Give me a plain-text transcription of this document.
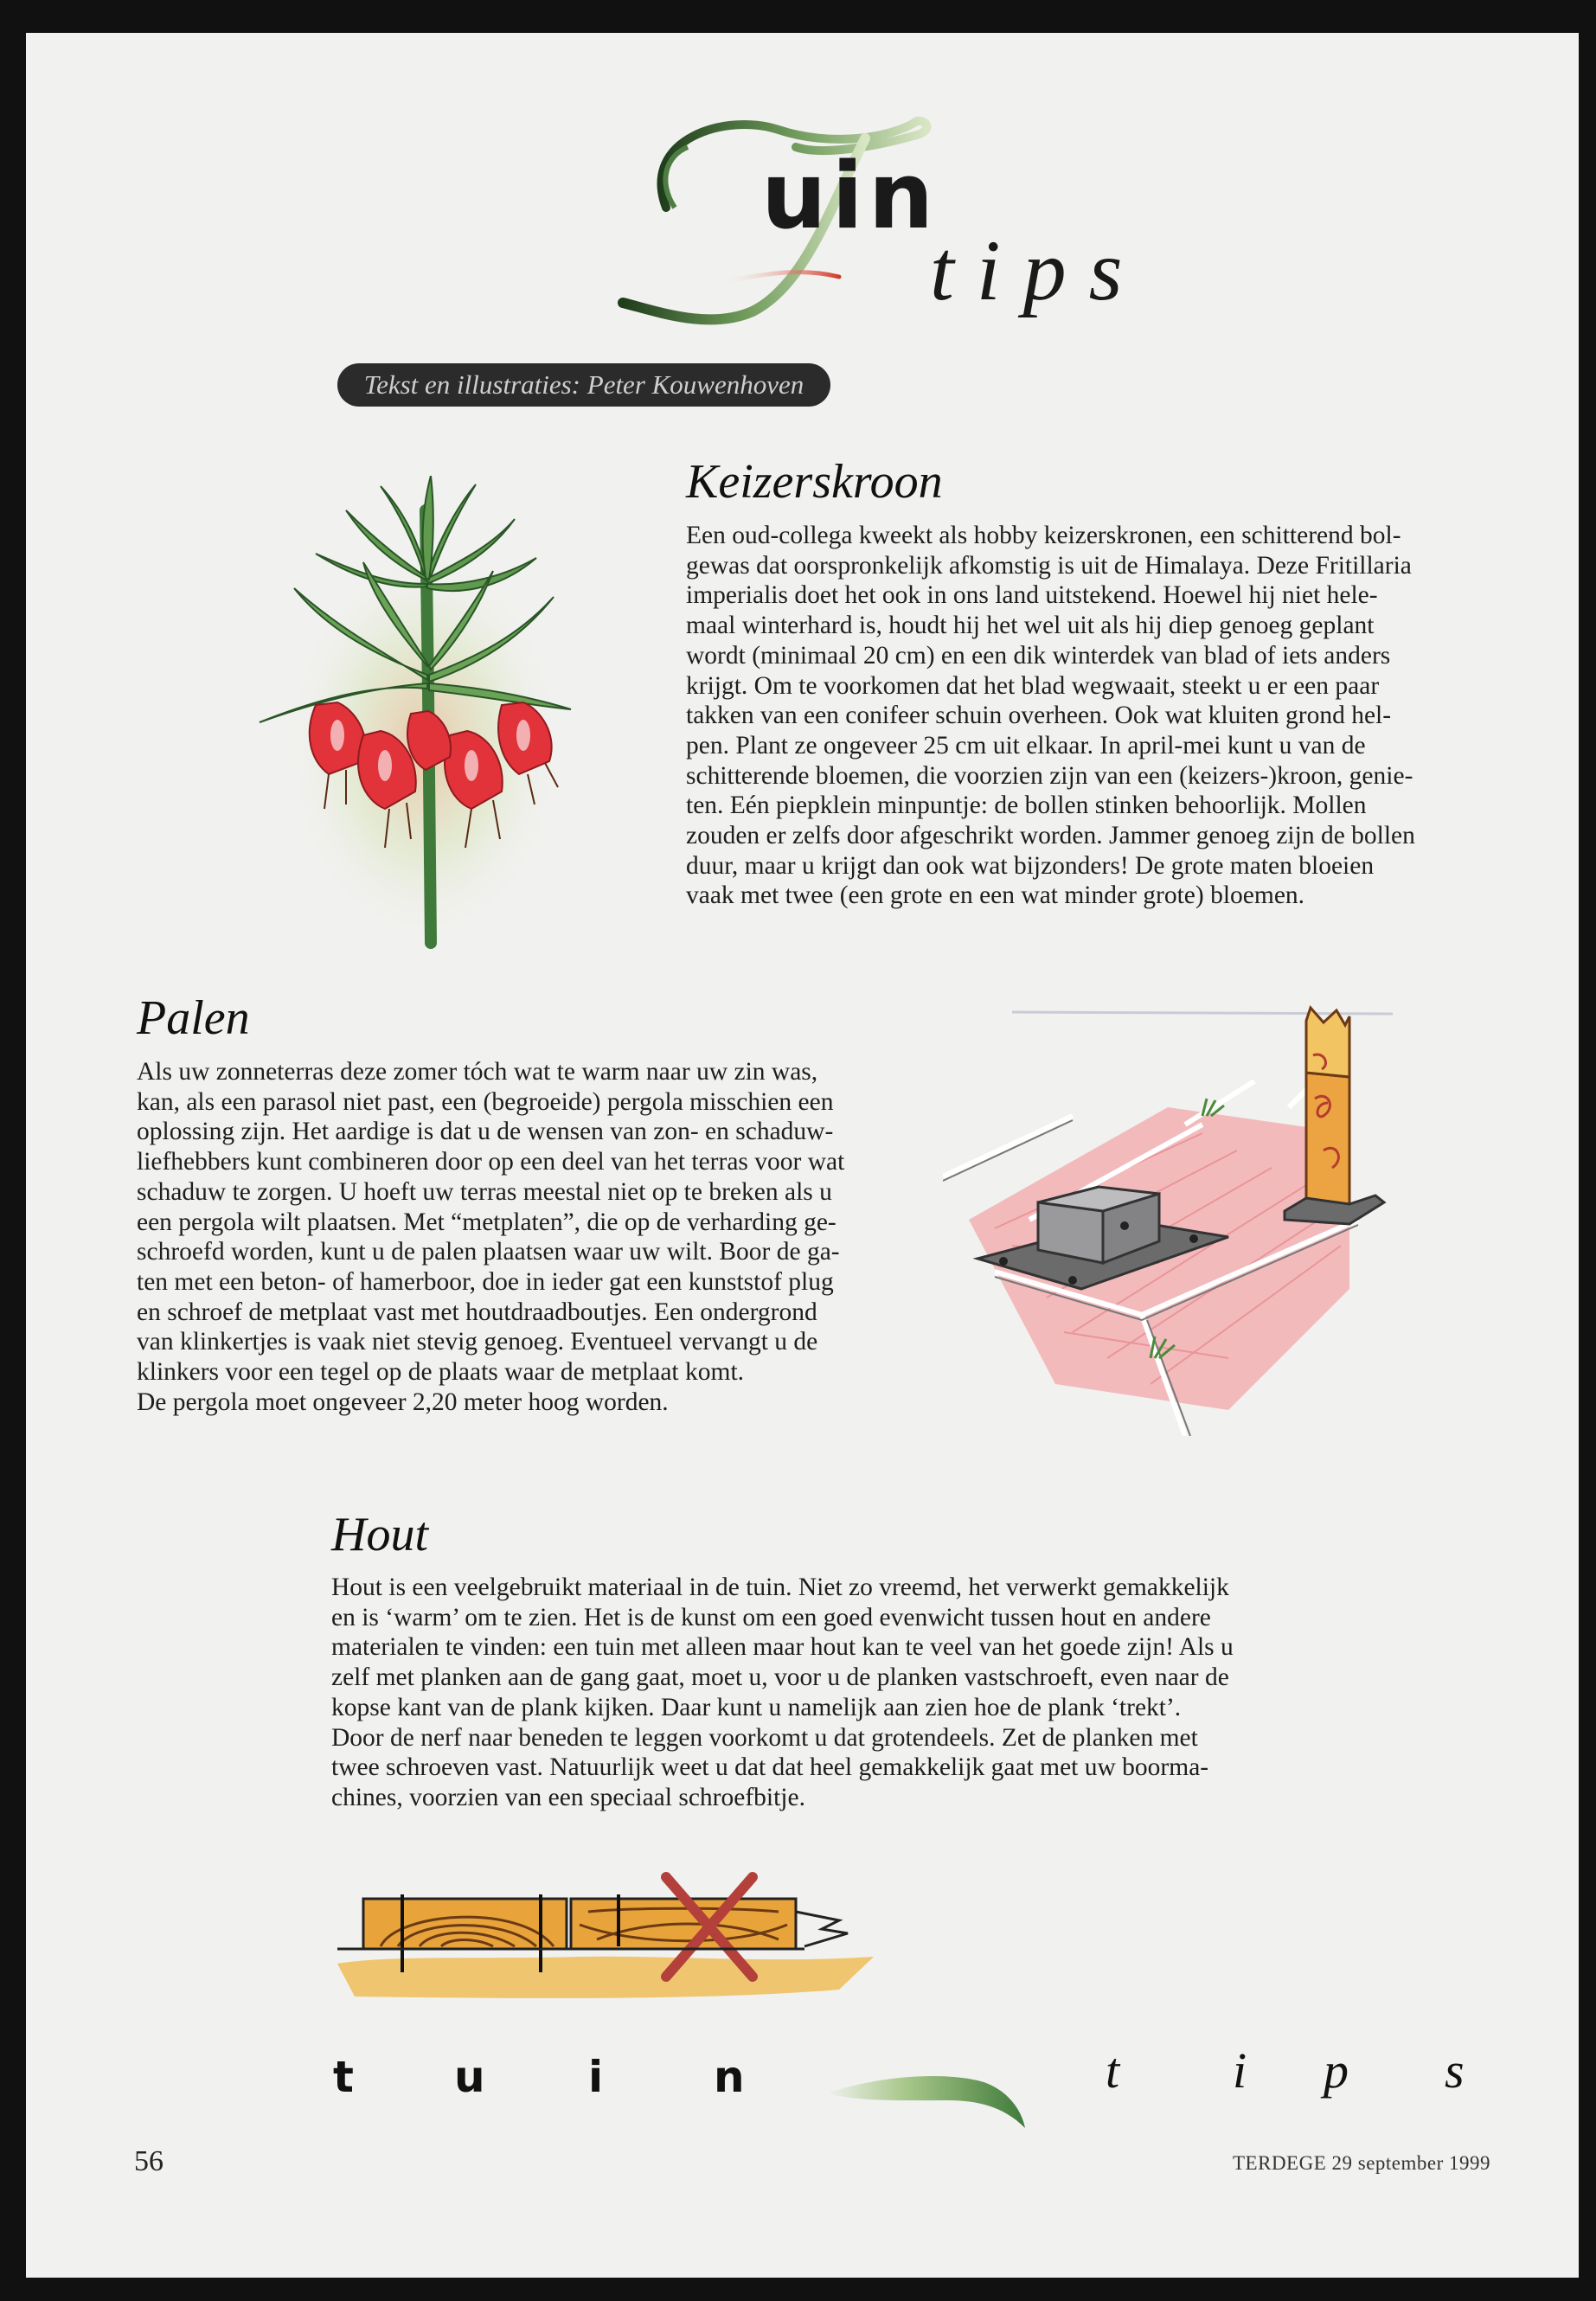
uin
tips
Tekst en illustraties: Peter Kouwenhoven
Keizerskroon
Een oud-collega kweekt als hobby keizerskronen, een schitterend bol-
gewas dat oorspronkelijk afkomstig is uit de Himalaya. Deze Fritillaria
imperialis doet het ook in ons land uitstekend. Hoewel hij niet hele-
maal winterhard is, houdt hij het wel uit als hij diep genoeg geplant
wordt (minimaal 20 cm) en een dik winterdek van blad of iets anders
krijgt. Om te voorkomen dat het blad wegwaait, steekt u er een paar
takken van een conifeer schuin overheen. Ook wat kluiten grond hel-
pen. Plant ze ongeveer 25 cm uit elkaar. In april-mei kunt u van de
schitterende bloemen, die voorzien zijn van een (keizers-)kroon, genie-
ten. Eén piepklein minpuntje: de bollen stinken behoorlijk. Mollen
zouden er zelfs door afgeschrikt worden. Jammer genoeg zijn de bollen
duur, maar u krijgt dan ook wat bijzonders! De grote maten bloeien
vaak met twee (een grote en een wat minder grote) bloemen.
Palen
Als uw zonneterras deze zomer tóch wat te warm naar uw zin was,
kan, als een parasol niet past, een (begroeide) pergola misschien een
oplossing zijn. Het aardige is dat u de wensen van zon- en schaduw-
liefhebbers kunt combineren door op een deel van het terras voor wat
schaduw te zorgen. U hoeft uw terras meestal niet op te breken als u
een pergola wilt plaatsen. Met “metplaten”, die op de verharding ge-
schroefd worden, kunt u de palen plaatsen waar uw wilt. Boor de ga-
ten met een beton- of hamerboor, doe in ieder gat een kunststof plug
en schroef de metplaat vast met houtdraadboutjes. Een ondergrond
van klinkertjes is vaak niet stevig genoeg. Eventueel vervangt u de
klinkers voor een tegel op de plaats waar de metplaat komt.
De pergola moet ongeveer 2,20 meter hoog worden.
Hout
Hout is een veelgebruikt materiaal in de tuin. Niet zo vreemd, het verwerkt gemakkelijk
en is ‘warm’ om te zien. Het is de kunst om een goed evenwicht tussen hout en andere
materialen te vinden: een tuin met alleen maar hout kan te veel van het goede zijn! Als u
zelf met planken aan de gang gaat, moet u, voor u de planken vastschroeft, even naar de
kopse kant van de plank kijken. Daar kunt u namelijk aan zien hoe de plank ‘trekt’.
Door de nerf naar beneden te leggen voorkomt u dat grotendeels. Zet de planken met
twee schroeven vast. Natuurlijk weet u dat dat heel gemakkelijk gaat met uw boorma-
chines, voorzien van een speciaal schroefbitje.
t u i	n	t i p s
56	TERDEGE 29 september 1999
